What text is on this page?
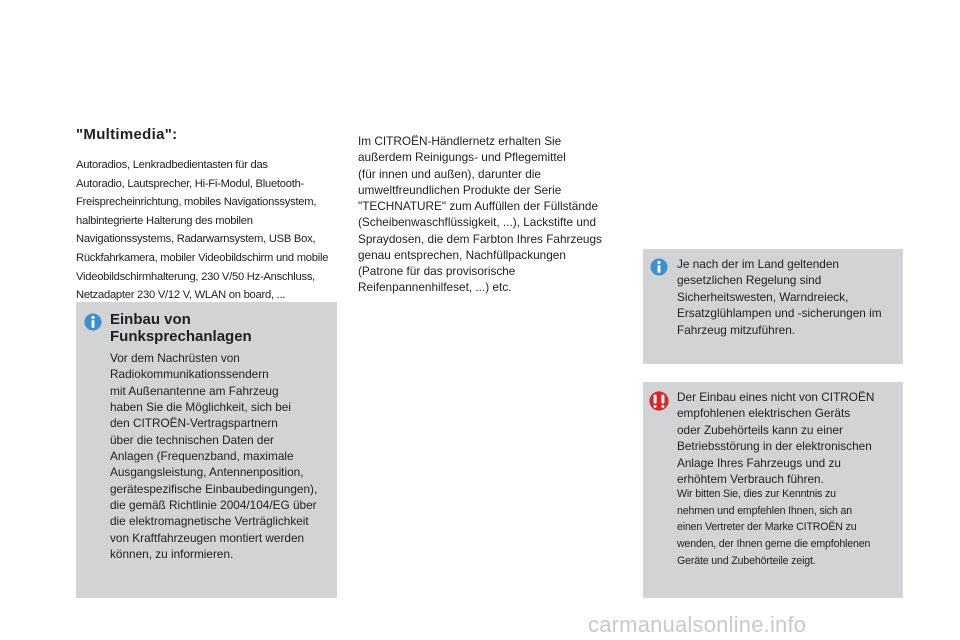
"Multimedia":
Autoradios, Lenkradbedientasten für das
Autoradio, Lautsprecher, Hi-Fi-Modul, Bluetooth-
Freisprecheinrichtung, mobiles Navigationssystem,
halbintegrierte Halterung des mobilen
Navigationssystems, Radarwarnsystem, USB Box,
Rückfahrkamera, mobiler Videobildschirm und mobile
Videobildschirmhalterung, 230 V/50 Hz-Anschluss,
Netzadapter 230 V/12 V, WLAN on board, ...
Einbau von
Funksprechanlagen
Vor dem Nachrüsten von
Radiokommunikationssendern
mit Außenantenne am Fahrzeug
haben Sie die Möglichkeit, sich bei
den CITROËN-Vertragspartnern
über die technischen Daten der
Anlagen (Frequenzband, maximale
Ausgangsleistung, Antennenposition,
gerätespezifische Einbaubedingungen),
die gemäß Richtlinie 2004/104/EG über
die elektromagnetische Verträglichkeit
von Kraftfahrzeugen montiert werden
können, zu informieren.
Im CITROËN-Händlernetz erhalten Sie
außerdem Reinigungs- und Pflegemittel
(für innen und außen), darunter die
umweltfreundlichen Produkte der Serie
"TECHNATURE" zum Auffüllen der Füllstände
(Scheibenwaschflüssigkeit, ...), Lackstifte und
Spraydosen, die dem Farbton Ihres Fahrzeugs
genau entsprechen, Nachfüllpackungen
(Patrone für das provisorische
Reifenpannenhilfeset, ...) etc.
Je nach der im Land geltenden
gesetzlichen Regelung sind
Sicherheitswesten, Warndreieck,
Ersatzglühlampen und -sicherungen im
Fahrzeug mitzuführen.
Der Einbau eines nicht von CITROËN
empfohlenen elektrischen Geräts
oder Zubehörteils kann zu einer
Betriebsstörung in der elektronischen
Anlage Ihres Fahrzeugs und zu
erhöhtem Verbrauch führen.
Wir bitten Sie, dies zur Kenntnis zu
nehmen und empfehlen Ihnen, sich an
einen Vertreter der Marke CITROËN zu
wenden, der Ihnen gerne die empfohlenen
Geräte und Zubehörteile zeigt.
carmanualsonline.info
